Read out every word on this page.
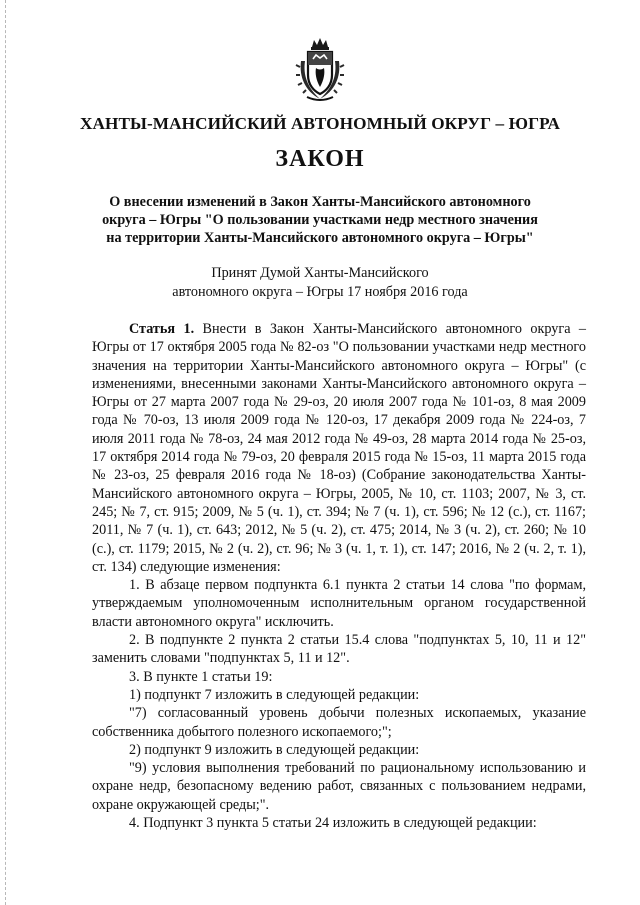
ХАНТЫ-МАНСИЙСКИЙ АВТОНОМНЫЙ ОКРУГ – ЮГРА
ЗАКОН
О внесении изменений в Закон Ханты-Мансийского автономного
округа – Югры "О пользовании участками недр местного значения
на территории Ханты-Мансийского автономного округа – Югры"
Принят Думой Ханты-Мансийского
автономного округа – Югры 17 ноября 2016 года

Статья 1. Внести в Закон Ханты-Мансийского автономного округа – Югры от 17 октября 2005 года № 82-оз "О пользовании участками недр местного значения на территории Ханты-Мансийского автономного округа – Югры" (с изменениями, внесенными законами Ханты-Мансийского автономного округа – Югры от 27 марта 2007 года № 29-оз, 20 июля 2007 года № 101-оз, 8 мая 2009 года № 70-оз, 13 июля 2009 года № 120-оз, 17 декабря 2009 года № 224-оз, 7 июля 2011 года № 78-оз, 24 мая 2012 года № 49-оз, 28 марта 2014 года № 25-оз, 17 октября 2014 года № 79-оз, 20 февраля 2015 года № 15-оз, 11 марта 2015 года № 23-оз, 25 февраля 2016 года № 18-оз) (Собрание законодательства Ханты-Мансийского автономного округа – Югры, 2005, № 10, ст. 1103; 2007, № 3, ст. 245; № 7, ст. 915; 2009, № 5 (ч. 1), ст. 394; № 7 (ч. 1), ст. 596; № 12 (с.), ст. 1167; 2011, № 7 (ч. 1), ст. 643; 2012, № 5 (ч. 2), ст. 475; 2014, № 3 (ч. 2), ст. 260; № 10 (с.), ст. 1179; 2015, № 2 (ч. 2), ст. 96; № 3 (ч. 1, т. 1), ст. 147; 2016, № 2 (ч. 2, т. 1), ст. 134) следующие изменения:

1. В абзаце первом подпункта 6.1 пункта 2 статьи 14 слова "по формам, утверждаемым уполномоченным исполнительным органом государственной власти автономного округа" исключить.

2. В подпункте 2 пункта 2 статьи 15.4 слова "подпунктах 5, 10, 11 и 12" заменить словами "подпунктах 5, 11 и 12".

3. В пункте 1 статьи 19:

1) подпункт 7 изложить в следующей редакции:

"7) согласованный уровень добычи полезных ископаемых, указание собственника добытого полезного ископаемого;";

2) подпункт 9 изложить в следующей редакции:

"9) условия выполнения требований по рациональному использованию и охране недр, безопасному ведению работ, связанных с пользованием недрами, охране окружающей среды;".

4. Подпункт 3 пункта 5 статьи 24 изложить в следующей редакции:
